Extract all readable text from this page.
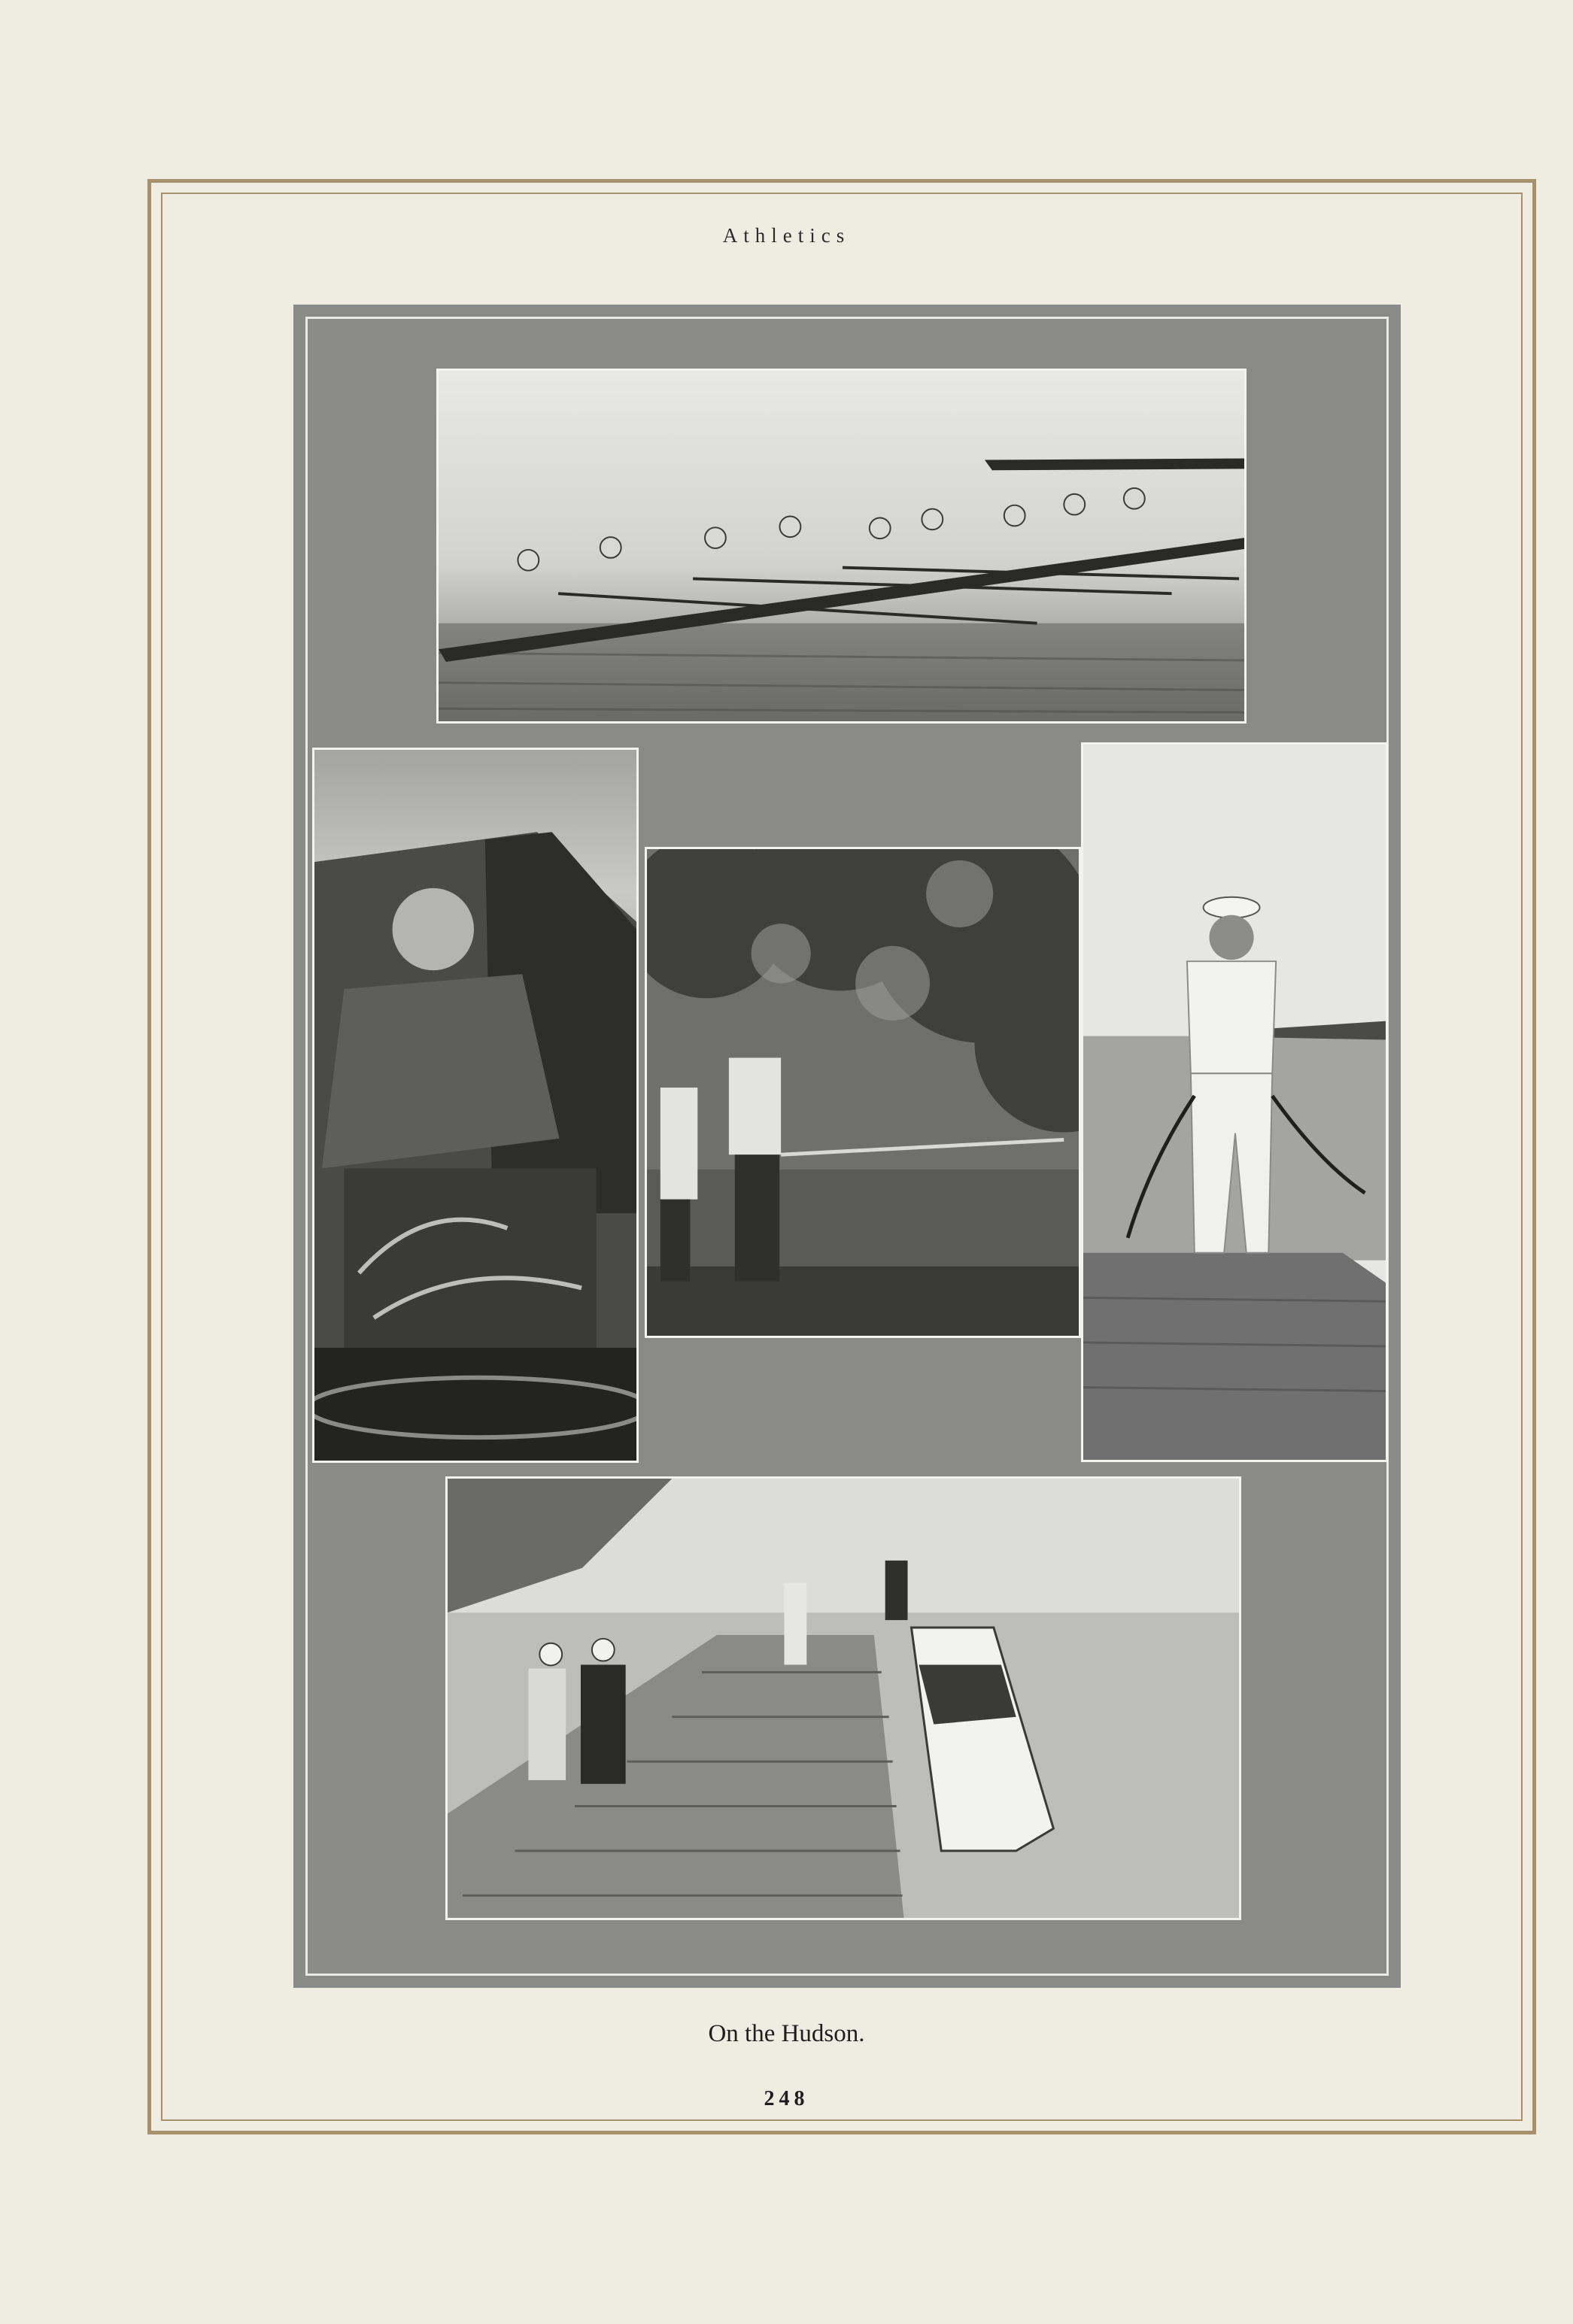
Athletics
On the Hudson.
248
